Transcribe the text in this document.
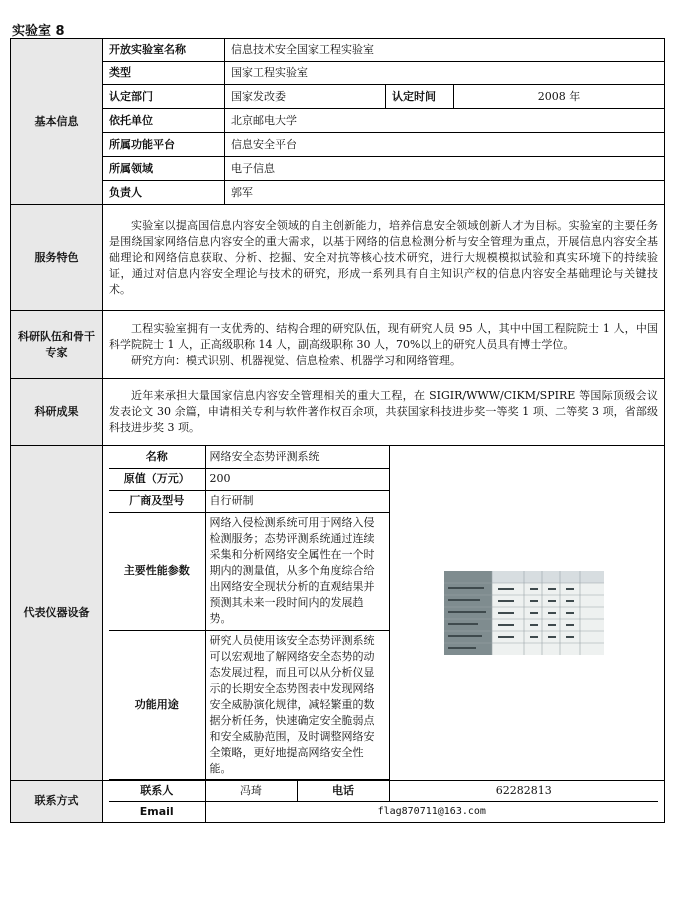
实验室 8
基本信息	开放实验室名称	信息技术安全国家工程实验室
类型	国家工程实验室
认定部门	国家发改委	认定时间	2008 年
依托单位	北京邮电大学
所属功能平台	信息安全平台
所属领域	电子信息
负责人	郭军
服务特色	
实验室以提高国信息内容安全领域的自主创新能力，培养信息安全领域创新人才为目标。实验室的主要任务是围绕国家网络信息内容安全的重大需求，以基于网络的信息检测分析与安全管理为重点，开展信息内容安全基础理论和网络信息获取、分析、挖掘、安全对抗等核心技术研究，进行大规模模拟试验和真实环境下的持续验证，通过对信息内容安全理论与技术的研究，形成一系列具有自主知识产权的信息内容安全基础理论与关键技术。

科研队伍和骨干专家	
工程实验室拥有一支优秀的、结构合理的研究队伍，现有研究人员 95 人，其中中国工程院院士 1 人，中国科学院院士 1 人，正高级职称 14 人，副高级职称 30 人，70%以上的研究人员具有博士学位。
研究方向：模式识别、机器视觉、信息检索、机器学习和网络管理。

科研成果	
近年来承担大量国家信息内容安全管理相关的重大工程，在 SIGIR/WWW/CIKM/SPIRE 等国际顶级会议发表论文 30 余篇，申请相关专利与软件著作权百余项，共获国家科技进步奖一等奖 1 项、二等奖 3 项，省部级科技进步奖 3 项。

代表仪器设备	
名称	网络安全态势评测系统	

原值（万元）	200
厂商及型号	自行研制
主要性能参数	网络入侵检测系统可用于网络入侵检测服务；态势评测系统通过连续采集和分析网络安全属性在一个时期内的测量值，从多个角度综合给出网络安全现状分析的直观结果并预测其未来一段时间内的发展趋势。
功能用途	研究人员使用该安全态势评测系统可以宏观地了解网络安全态势的动态发展过程，而且可以从分析仪显示的长期安全态势图表中发现网络安全威胁演化规律，减轻繁重的数据分析任务，快速确定安全脆弱点和安全威胁范围，及时调整网络安全策略，更好地提高网络安全性能。

联系方式	
联系人	冯琦	电话	62282813
Email	flag870711@163.com
